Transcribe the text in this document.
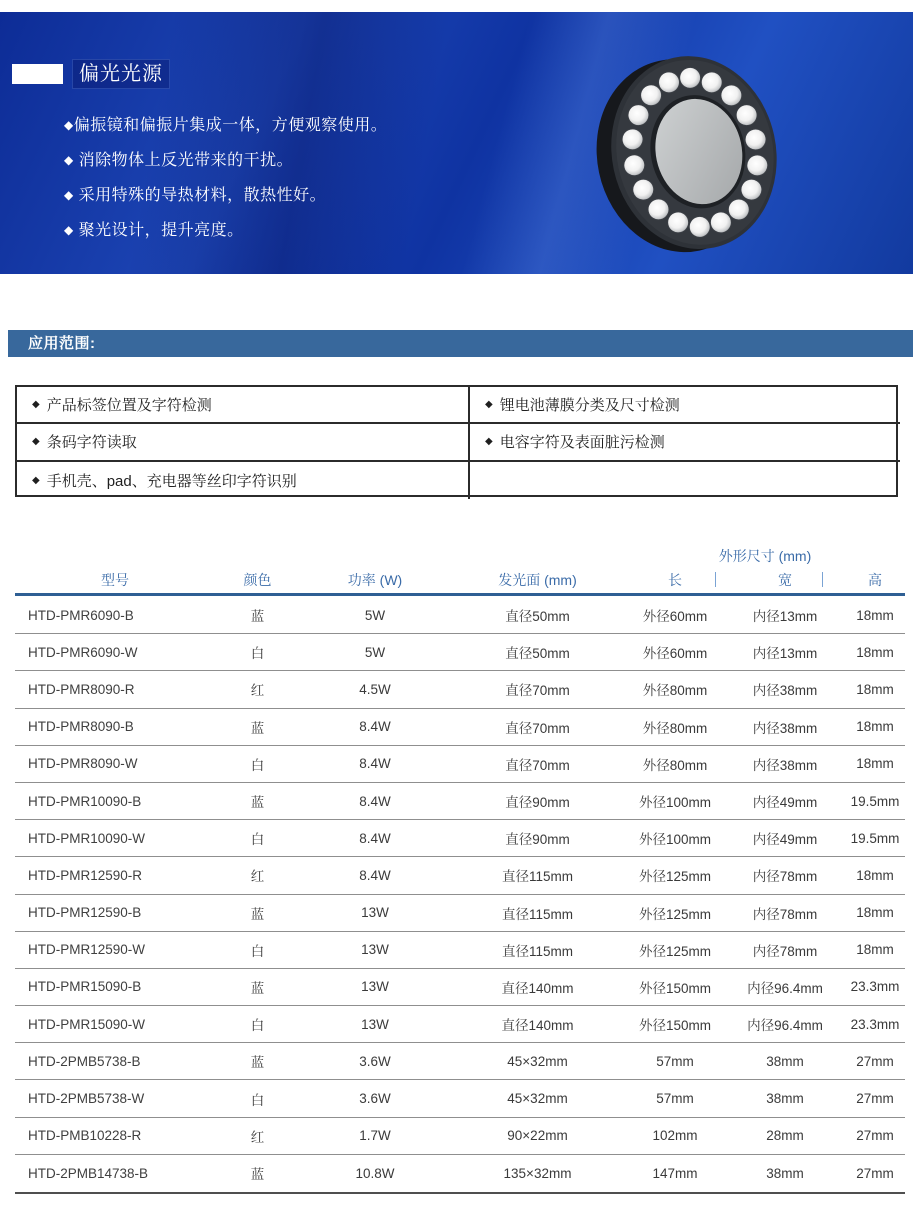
偏光光源
◆偏振镜和偏振片集成一体，方便观察使用。
◆ 消除物体上反光带来的干扰。
◆ 采用特殊的导热材料，散热性好。
◆ 聚光设计，提升亮度。
应用范围:
◆ 产品标签位置及字符检测	◆ 锂电池薄膜分类及尺寸检测
◆ 条码字符读取	◆ 电容字符及表面脏污检测
◆ 手机壳、pad、充电器等丝印字符识别
外形尺寸 (mm)
型号	颜色	功率 (W)	发光面 (mm)	长	宽	高
HTD-PMR6090-B	蓝	5W	直径50mm	外径60mm	内径13mm	18mm
HTD-PMR6090-W	白	5W	直径50mm	外径60mm	内径13mm	18mm
HTD-PMR8090-R	红	4.5W	直径70mm	外径80mm	内径38mm	18mm
HTD-PMR8090-B	蓝	8.4W	直径70mm	外径80mm	内径38mm	18mm
HTD-PMR8090-W	白	8.4W	直径70mm	外径80mm	内径38mm	18mm
HTD-PMR10090-B	蓝	8.4W	直径90mm	外径100mm	内径49mm	19.5mm
HTD-PMR10090-W	白	8.4W	直径90mm	外径100mm	内径49mm	19.5mm
HTD-PMR12590-R	红	8.4W	直径115mm	外径125mm	内径78mm	18mm
HTD-PMR12590-B	蓝	13W	直径115mm	外径125mm	内径78mm	18mm
HTD-PMR12590-W	白	13W	直径115mm	外径125mm	内径78mm	18mm
HTD-PMR15090-B	蓝	13W	直径140mm	外径150mm	内径96.4mm	23.3mm
HTD-PMR15090-W	白	13W	直径140mm	外径150mm	内径96.4mm	23.3mm
HTD-2PMB5738-B	蓝	3.6W	45×32mm	57mm	38mm	27mm
HTD-2PMB5738-W	白	3.6W	45×32mm	57mm	38mm	27mm
HTD-PMB10228-R	红	1.7W	90×22mm	102mm	28mm	27mm
HTD-2PMB14738-B	蓝	10.8W	135×32mm	147mm	38mm	27mm
